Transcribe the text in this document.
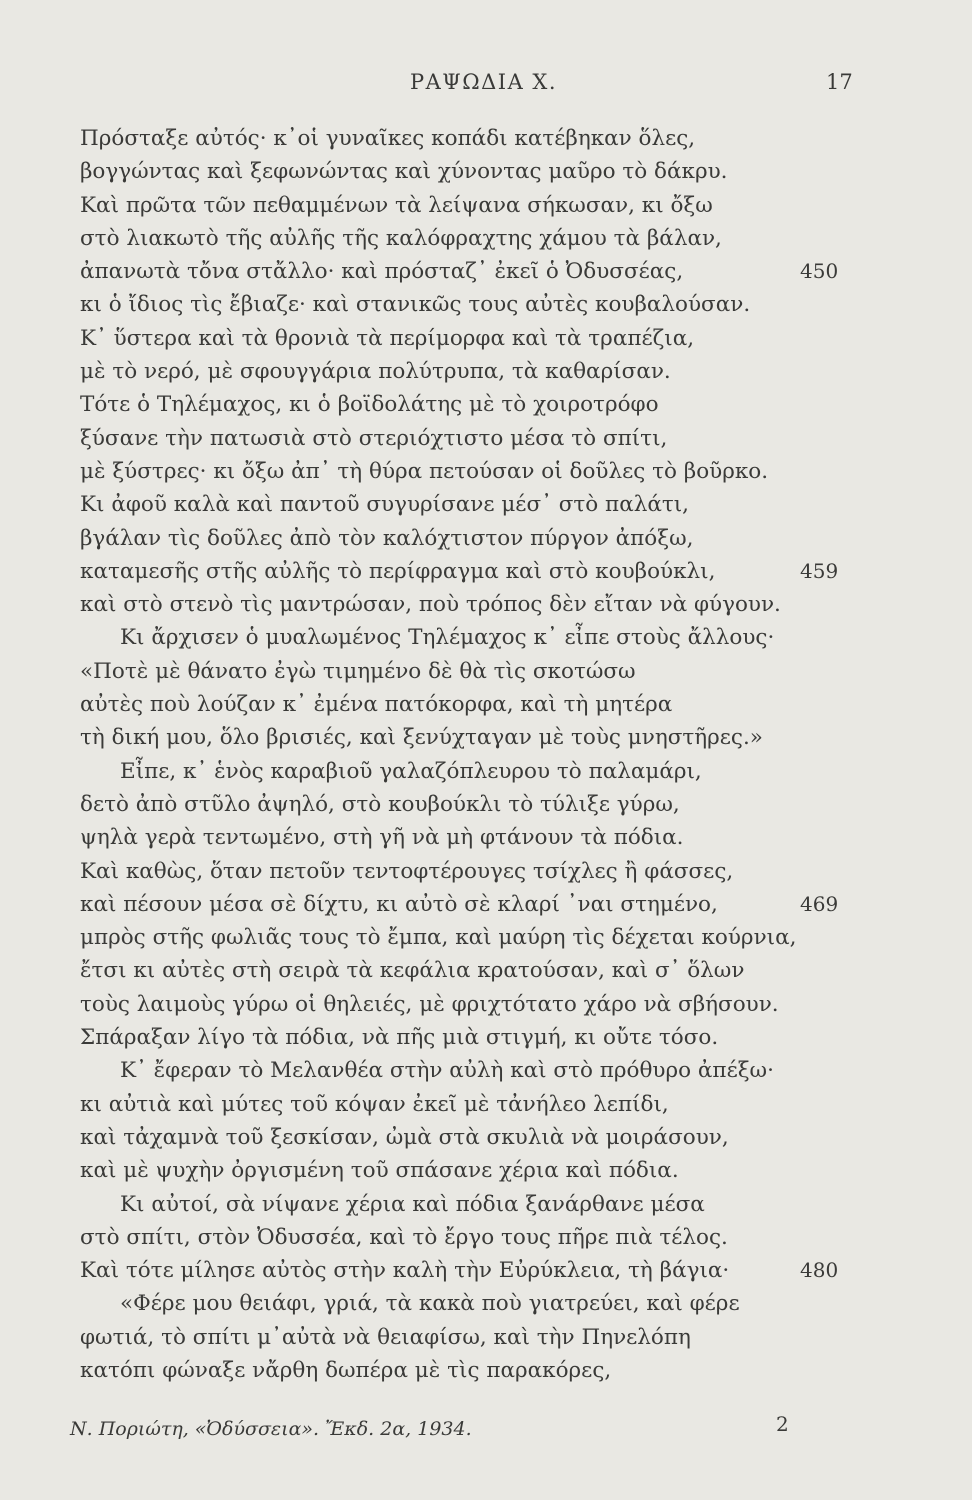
ΡΑΨΩΔΙΑ Χ.	17
Πρόσταξε αὐτός· κ᾽οἱ γυναῖκες κοπάδι κατέβηκαν ὅλες,
βογγώντας καὶ ξεφωνώντας καὶ χύνοντας μαῦρο τὸ δάκρυ.
Καὶ πρῶτα τῶν πεθαμμένων τὰ λείψανα σήκωσαν, κι ὄξω
στὸ λιακωτὸ τῆς αὐλῆς τῆς καλόφραχτης χάμου τὰ βάλαν,
ἀπανωτὰ τὄνα στἄλλο· καὶ πρόσταζ᾽ ἐκεῖ ὁ Ὀδυσσέας,	450
κι ὁ ἴδιος τὶς ἔβιαζε· καὶ στανικῶς τους αὐτὲς κουβαλούσαν.
Κ᾽ ὕστερα καὶ τὰ θρονιὰ τὰ περίμορφα καὶ τὰ τραπέζια,
μὲ τὸ νερό, μὲ σφουγγάρια πολύτρυπα, τὰ καθαρίσαν.
Τότε ὁ Τηλέμαχος, κι ὁ βοϊδολάτης μὲ τὸ χοιροτρόφο
ξύσανε τὴν πατωσιὰ στὸ στεριόχτιστο μέσα τὸ σπίτι,
μὲ ξύστρες· κι ὄξω ἀπ᾽ τὴ θύρα πετούσαν οἱ δοῦλες τὸ βοῦρκο.
Κι ἀφοῦ καλὰ καὶ παντοῦ συγυρίσανε μέσ᾽ στὸ παλάτι,
βγάλαν τὶς δοῦλες ἀπὸ τὸν καλόχτιστον πύργον ἀπόξω,
καταμεσῆς στῆς αὐλῆς τὸ περίφραγμα καὶ στὸ κουβούκλι,	459
καὶ στὸ στενὸ τὶς μαντρώσαν, ποὺ τρόπος δὲν εἴταν νὰ φύγουν.
Κι ἄρχισεν ὁ μυαλωμένος Τηλέμαχος κ᾽ εἶπε στοὺς ἄλλους·
«Ποτὲ μὲ θάνατο ἐγὼ τιμημένο δὲ θὰ τὶς σκοτώσω
αὐτὲς ποὺ λούζαν κ᾽ ἐμένα πατόκορφα, καὶ τὴ μητέρα
τὴ δική μου, ὅλο βρισιές, καὶ ξενύχταγαν μὲ τοὺς μνηστῆρες.»
Εἶπε, κ᾽ ἑνὸς καραβιοῦ γαλαζόπλευρου τὸ παλαμάρι,
δετὸ ἀπὸ στῦλο ἀψηλό, στὸ κουβούκλι τὸ τύλιξε γύρω,
ψηλὰ γερὰ τεντωμένο, στὴ γῆ νὰ μὴ φτάνουν τὰ πόδια.
Καὶ καθὼς, ὅταν πετοῦν τεντοφτέρουγες τσίχλες ἢ φάσσες,
καὶ πέσουν μέσα σὲ δίχτυ, κι αὐτὸ σὲ κλαρί ᾽ναι στημένο,	469
μπρὸς στῆς φωλιᾶς τους τὸ ἔμπα, καὶ μαύρη τὶς δέχεται κούρνια,
ἔτσι κι αὐτὲς στὴ σειρὰ τὰ κεφάλια κρατούσαν, καὶ σ᾽ ὅλων
τοὺς λαιμοὺς γύρω οἱ θηλειές, μὲ φριχτότατο χάρο νὰ σβήσουν.
Σπάραξαν λίγο τὰ πόδια, νὰ πῆς μιὰ στιγμή, κι οὔτε τόσο.
Κ᾽ ἔφεραν τὸ Μελανθέα στὴν αὐλὴ καὶ στὸ πρόθυρο ἀπέξω·
κι αὐτιὰ καὶ μύτες τοῦ κόψαν ἐκεῖ μὲ τἀνήλεο λεπίδι,
καὶ τἀχαμνὰ τοῦ ξεσκίσαν, ὠμὰ στὰ σκυλιὰ νὰ μοιράσουν,
καὶ μὲ ψυχὴν ὀργισμένη τοῦ σπάσανε χέρια καὶ πόδια.
Κι αὐτοί, σὰ νίψανε χέρια καὶ πόδια ξανάρθανε μέσα
στὸ σπίτι, στὸν Ὀδυσσέα, καὶ τὸ ἔργο τους πῆρε πιὰ τέλος.
Καὶ τότε μίλησε αὐτὸς στὴν καλὴ τὴν Εὐρύκλεια, τὴ βάγια·	480
«Φέρε μου θειάφι, γριά, τὰ κακὰ ποὺ γιατρεύει, καὶ φέρε
φωτιά, τὸ σπίτι μ᾽αὐτὰ νὰ θειαφίσω, καὶ τὴν Πηνελόπη
κατόπι φώναξε νἄρθη δωπέρα μὲ τὶς παρακόρες,
Ν. Ποριώτη, «Ὀδύσσεια». Ἔκδ. 2α, 1934.	2
